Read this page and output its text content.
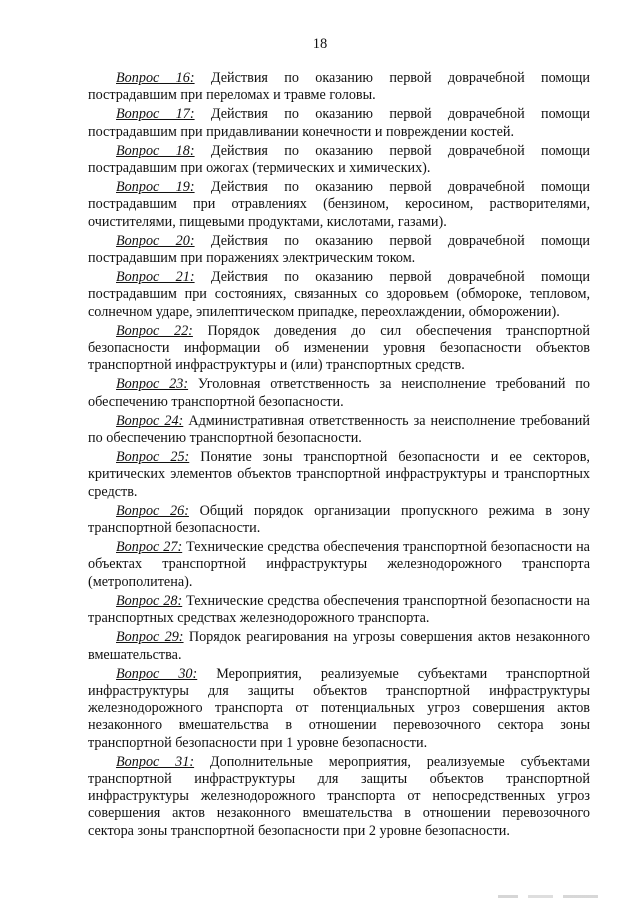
18

Вопрос 16: Действия по оказанию первой доврачебной помощи пострадавшим при переломах и травме головы.

Вопрос 17: Действия по оказанию первой доврачебной помощи пострадавшим при придавливании конечности и повреждении костей.

Вопрос 18: Действия по оказанию первой доврачебной помощи пострадавшим при ожогах (термических и химических).

Вопрос 19: Действия по оказанию первой доврачебной помощи пострадавшим при отравлениях (бензином, керосином, растворителями, очистителями, пищевыми продуктами, кислотами, газами).

Вопрос 20: Действия по оказанию первой доврачебной помощи пострадавшим при поражениях электрическим током.

Вопрос 21: Действия по оказанию первой доврачебной помощи пострадавшим при состояниях, связанных со здоровьем (обмороке, тепловом, солнечном ударе, эпилептическом припадке, переохлаждении, обморожении).

Вопрос 22: Порядок доведения до сил обеспечения транспортной безопасности информации об изменении уровня безопасности объектов транспортной инфраструктуры и (или) транспортных средств.

Вопрос 23: Уголовная ответственность за неисполнение требований по обеспечению транспортной безопасности.

Вопрос 24: Административная ответственность за неисполнение требований по обеспечению транспортной безопасности.

Вопрос 25: Понятие зоны транспортной безопасности и ее секторов, критических элементов объектов транспортной инфраструктуры и транспортных средств.

Вопрос 26: Общий порядок организации пропускного режима в зону транспортной безопасности.

Вопрос 27: Технические средства обеспечения транспортной безопасности на объектах транспортной инфраструктуры железнодорожного транспорта (метрополитена).

Вопрос 28: Технические средства обеспечения транспортной безопасности на транспортных средствах железнодорожного транспорта.

Вопрос 29: Порядок реагирования на угрозы совершения актов незаконного вмешательства.

Вопрос 30: Мероприятия, реализуемые субъектами транспортной инфраструктуры для защиты объектов транспортной инфраструктуры железнодорожного транспорта от потенциальных угроз совершения актов незаконного вмешательства в отношении перевозочного сектора зоны транспортной безопасности при 1 уровне безопасности.

Вопрос 31: Дополнительные мероприятия, реализуемые субъектами транспортной инфраструктуры для защиты объектов транспортной инфраструктуры железнодорожного транспорта от непосредственных угроз совершения актов незаконного вмешательства в отношении перевозочного сектора зоны транспортной безопасности при 2 уровне безопасности.
